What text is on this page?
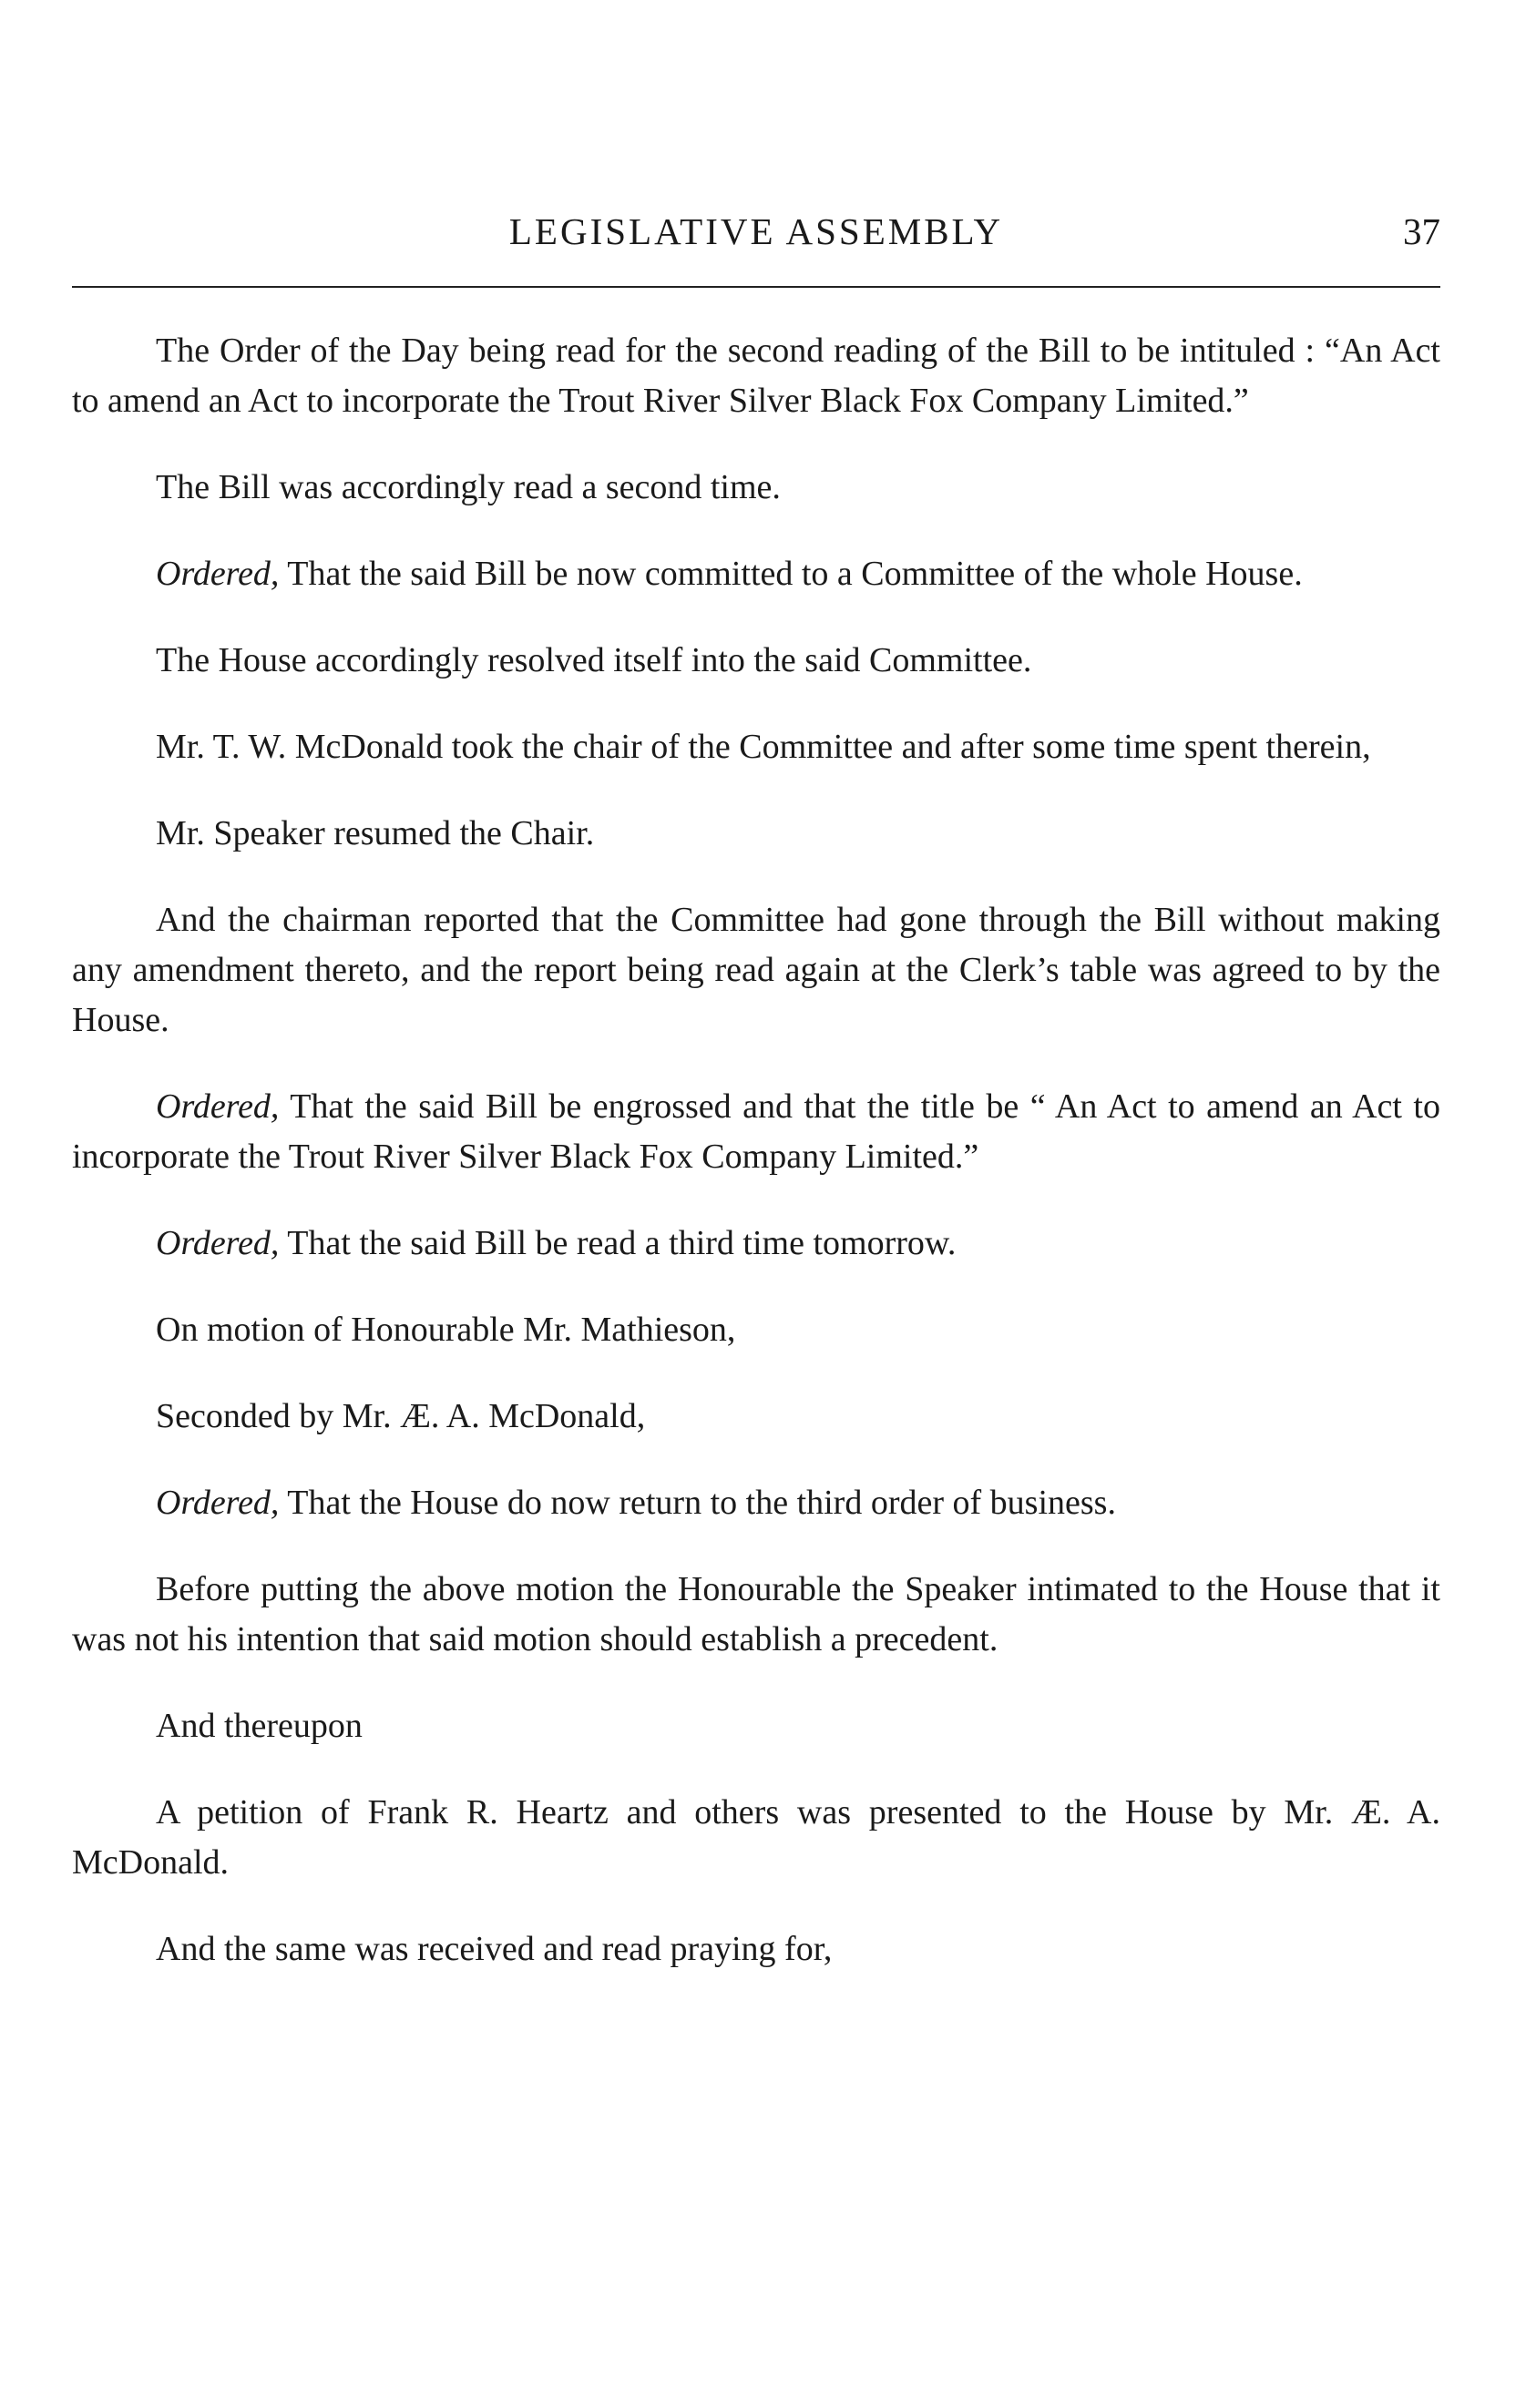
LEGISLATIVE ASSEMBLY	37

The Order of the Day being read for the second reading of the Bill to be intituled : “An Act to amend an Act to incorporate the Trout River Silver Black Fox Company Limited.”

The Bill was accordingly read a second time.

Ordered, That the said Bill be now committed to a Committee of the whole House.

The House accordingly resolved itself into the said Committee.

Mr. T. W. McDonald took the chair of the Committee and after some time spent therein,

Mr. Speaker resumed the Chair.

And the chairman reported that the Committee had gone through the Bill without making any amendment thereto, and the report being read again at the Clerk’s table was agreed to by the House.

Ordered, That the said Bill be engrossed and that the title be “ An Act to amend an Act to incorporate the Trout River Silver Black Fox Company Limited.”

Ordered, That the said Bill be read a third time tomorrow.

On motion of Honourable Mr. Mathieson,

Seconded by Mr. Æ. A. McDonald,

Ordered, That the House do now return to the third order of business.

Before putting the above motion the Honourable the Speaker intimated to the House that it was not his intention that said motion should establish a precedent.

And thereupon

A petition of Frank R. Heartz and others was presented to the House by Mr. Æ. A. McDonald.

And the same was received and read praying for,
